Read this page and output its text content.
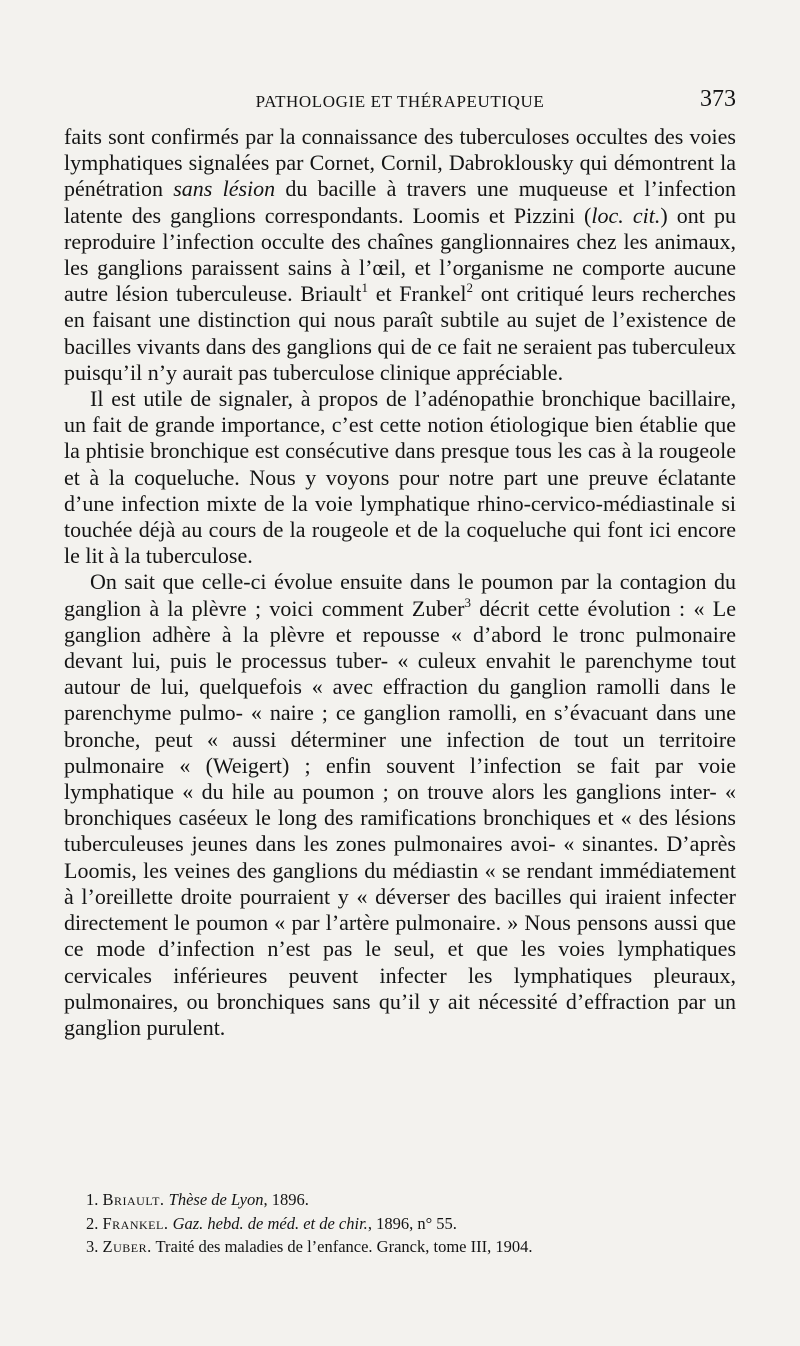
PATHOLOGIE ET THÉRAPEUTIQUE	373

faits sont confirmés par la connaissance des tuberculoses occultes des voies lymphatiques signalées par Cornet, Cornil, Dabroklousky qui démontrent la pénétration sans lésion du bacille à travers une muqueuse et l’infection latente des ganglions correspondants. Loomis et Pizzini (loc. cit.) ont pu reproduire l’infection occulte des chaînes ganglionnaires chez les animaux, les ganglions paraissent sains à l’œil, et l’organisme ne comporte aucune autre lésion tuberculeuse. Briault$^1$ et Frankel$^2$ ont critiqué leurs recherches en faisant une distinction qui nous paraît subtile au sujet de l’existence de bacilles vivants dans des ganglions qui de ce fait ne seraient pas tuberculeux puisqu’il n’y aurait pas tuberculose clinique appréciable.

Il est utile de signaler, à propos de l’adénopathie bronchique bacillaire, un fait de grande importance, c’est cette notion étiologique bien établie que la phtisie bronchique est consécutive dans presque tous les cas à la rougeole et à la coqueluche. Nous y voyons pour notre part une preuve éclatante d’une infection mixte de la voie lymphatique rhino-cervico-médiastinale si touchée déjà au cours de la rougeole et de la coqueluche qui font ici encore le lit à la tuberculose.

On sait que celle-ci évolue ensuite dans le poumon par la contagion du ganglion à la plèvre ; voici comment Zuber$^3$ décrit cette évolution : « Le ganglion adhère à la plèvre et repousse « d’abord le tronc pulmonaire devant lui, puis le processus tuber- « culeux envahit le parenchyme tout autour de lui, quelquefois « avec effraction du ganglion ramolli dans le parenchyme pulmo- « naire ; ce ganglion ramolli, en s’évacuant dans une bronche, peut « aussi déterminer une infection de tout un territoire pulmonaire « (Weigert) ; enfin souvent l’infection se fait par voie lymphatique « du hile au poumon ; on trouve alors les ganglions inter- « bronchiques caséeux le long des ramifications bronchiques et « des lésions tuberculeuses jeunes dans les zones pulmonaires avoi- « sinantes. D’après Loomis, les veines des ganglions du médiastin « se rendant immédiatement à l’oreillette droite pourraient y « déverser des bacilles qui iraient infecter directement le poumon « par l’artère pulmonaire. » Nous pensons aussi que ce mode d’infection n’est pas le seul, et que les voies lymphatiques cervicales inférieures peuvent infecter les lymphatiques pleuraux, pulmonaires, ou bronchiques sans qu’il y ait nécessité d’effraction par un ganglion purulent.

1. Briault. Thèse de Lyon, 1896.
2. Frankel. Gaz. hebd. de méd. et de chir., 1896, n° 55.
3. Zuber. Traité des maladies de l’enfance. Granck, tome III, 1904.
